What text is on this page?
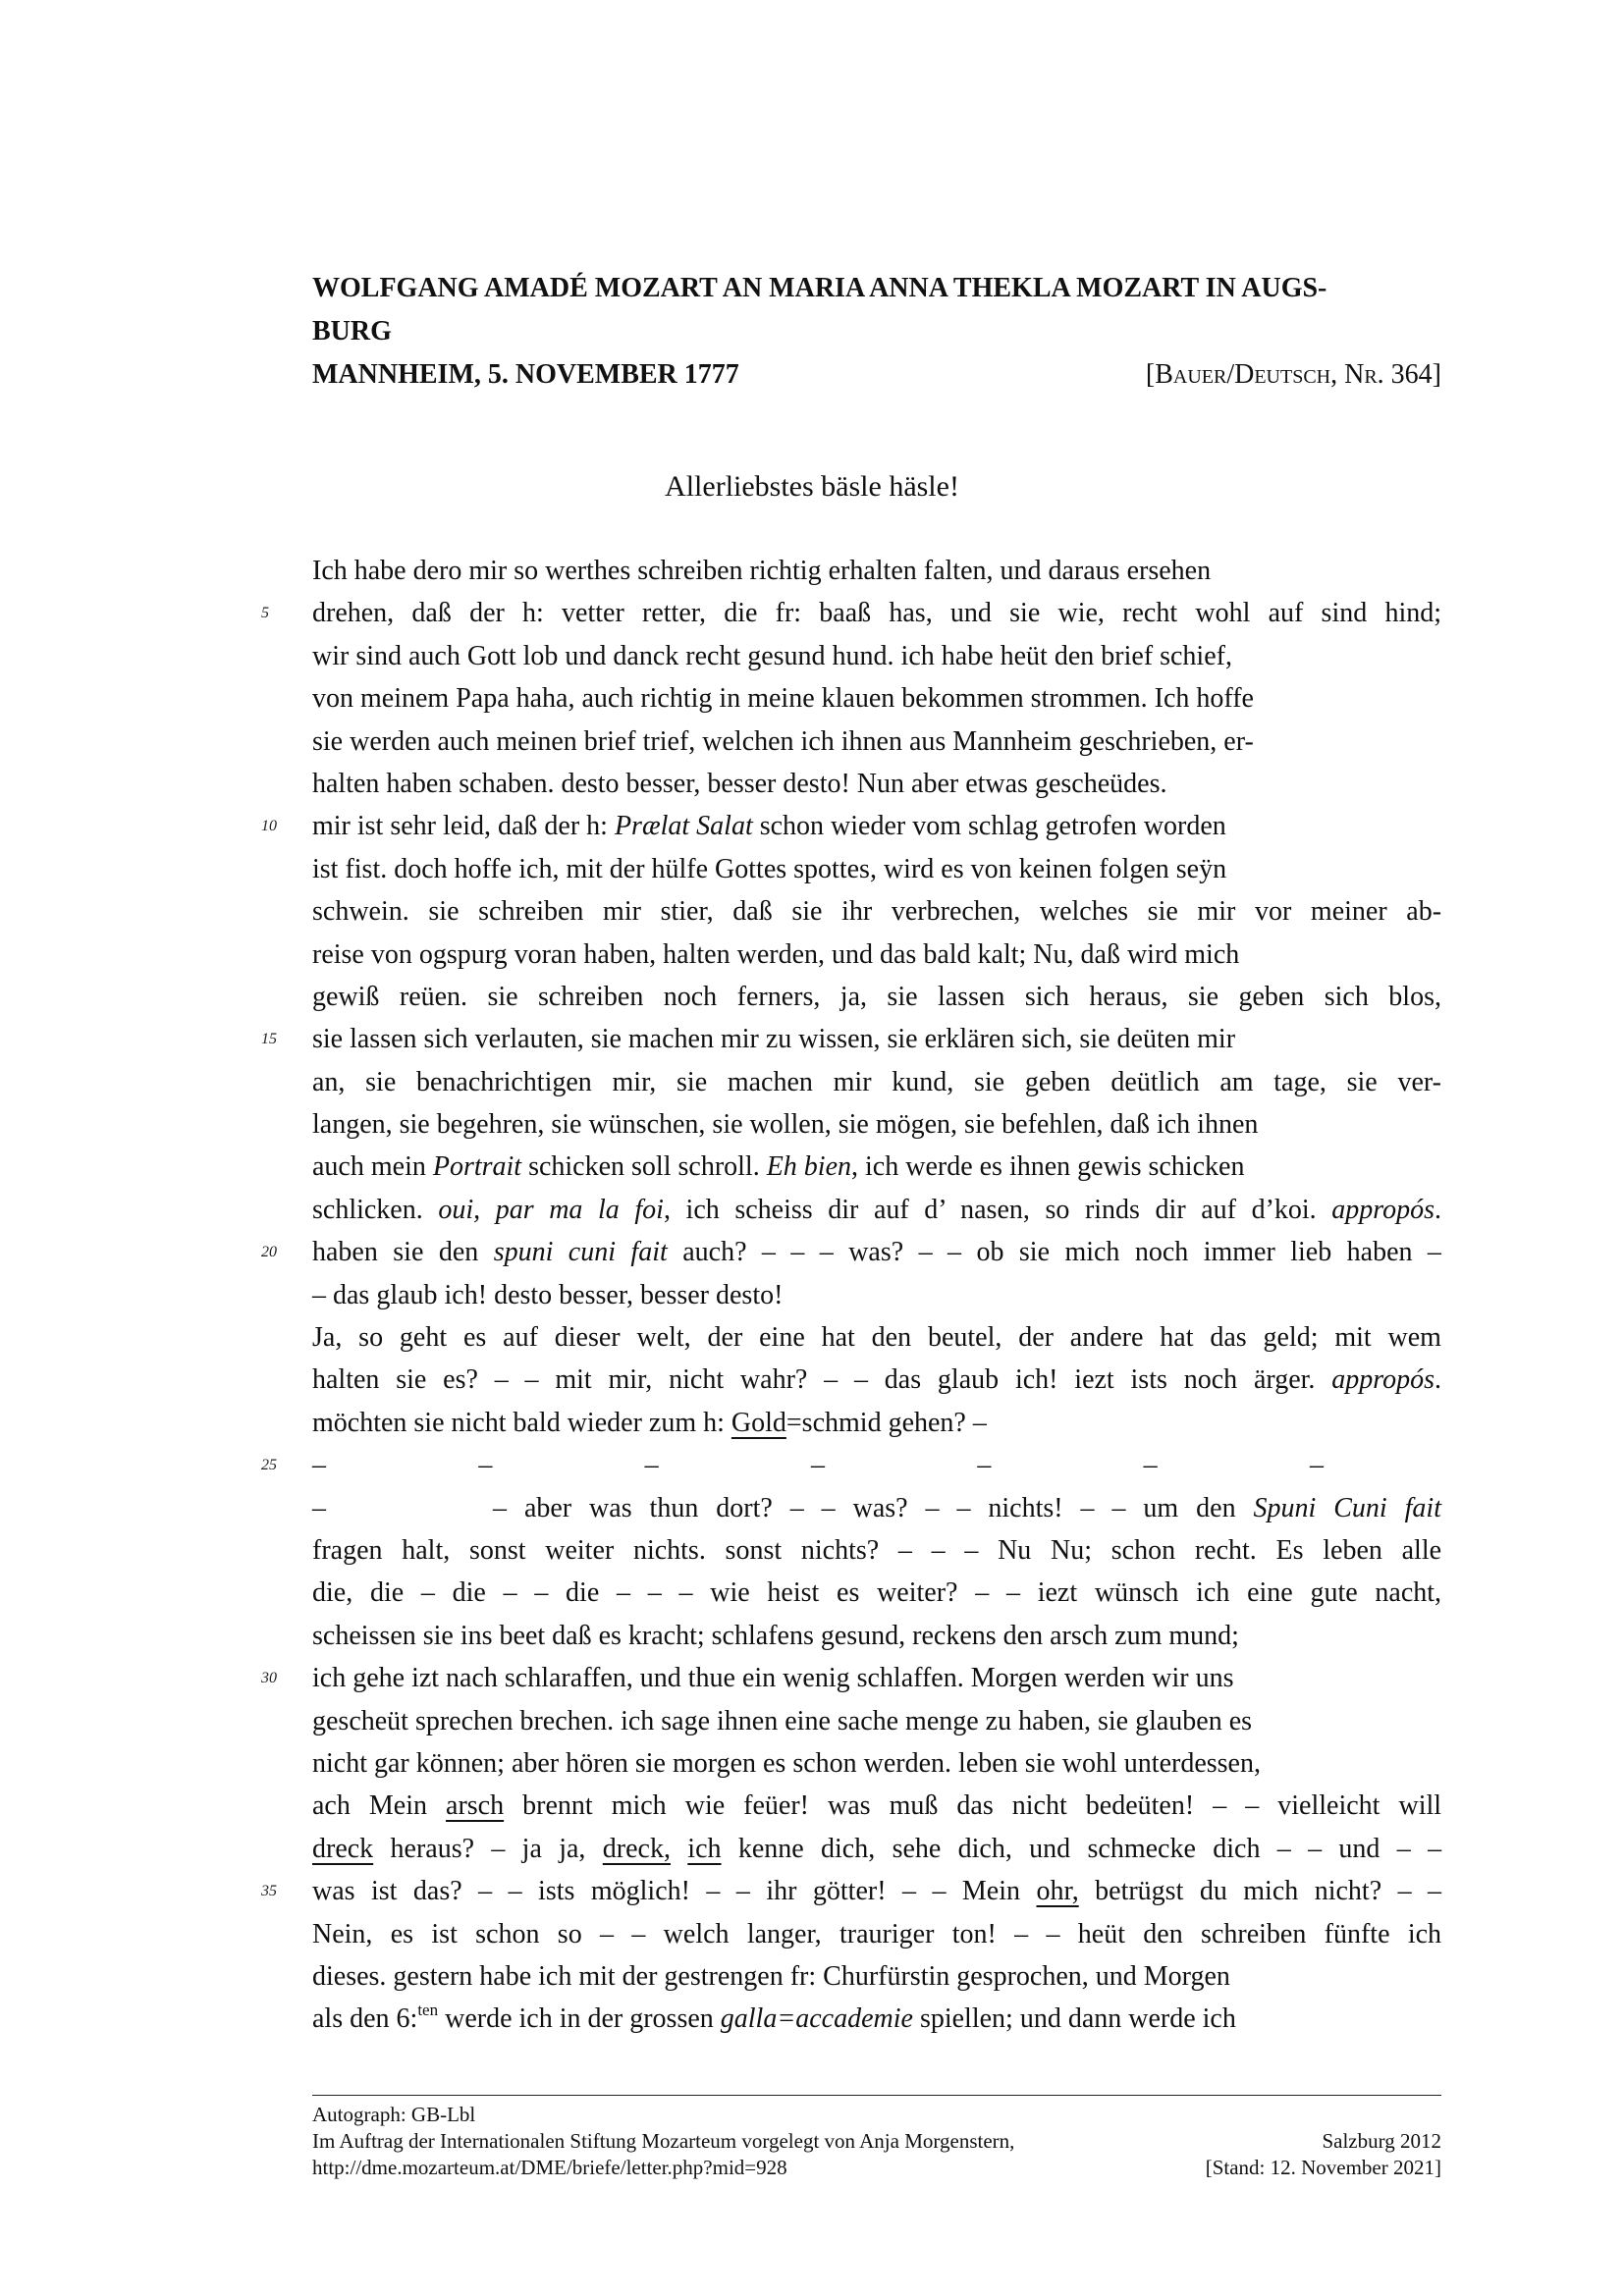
WOLFGANG AMADÉ MOZART AN MARIA ANNA THEKLA MOZART IN AUGS-
BURG
MANNHEIM, 5. NOVEMBER 1777	[Bauer/Deutsch, Nr. 364]
Allerliebstes bäsle häsle!
Ich habe dero mir so werthes schreiben richtig erhalten falten, und daraus ersehen
5	drehen, daß der h: vetter retter, die fr: baaß has, und sie wie, recht wohl auf sind hind;
wir sind auch Gott lob und danck recht gesund hund. ich habe heüt den brief schief,
von meinem Papa haha, auch richtig in meine klauen bekommen strommen. Ich hoffe
sie werden auch meinen brief trief, welchen ich ihnen aus Mannheim geschrieben, er-
halten haben schaben. desto besser, besser desto! Nun aber etwas gescheüdes.
10	mir ist sehr leid, daß der h: Prælat Salat schon wieder vom schlag getrofen worden
ist fist. doch hoffe ich, mit der hülfe Gottes spottes, wird es von keinen folgen seÿn
schwein. sie schreiben mir stier, daß sie ihr verbrechen, welches sie mir vor meiner ab-
reise von ogspurg voran haben, halten werden, und das bald kalt; Nu, daß wird mich
gewiß reüen. sie schreiben noch ferners, ja, sie lassen sich heraus, sie geben sich blos,
15	sie lassen sich verlauten, sie machen mir zu wissen, sie erklären sich, sie deüten mir
an, sie benachrichtigen mir, sie machen mir kund, sie geben deütlich am tage, sie ver-
langen, sie begehren, sie wünschen, sie wollen, sie mögen, sie befehlen, daß ich ihnen
auch mein Portrait schicken soll schroll. Eh bien, ich werde es ihnen gewis schicken
schlicken. oui, par ma la foi, ich scheiss dir auf d’ nasen, so rinds dir auf d’koi. appropós.
20	haben sie den spuni cuni fait auch? – – – was? – – ob sie mich noch immer lieb haben –
– das glaub ich! desto besser, besser desto!
Ja, so geht es auf dieser welt, der eine hat den beutel, der andere hat das geld; mit wem
halten sie es? – – mit mir, nicht wahr? – – das glaub ich! iezt ists noch ärger. appropós.
möchten sie nicht bald wieder zum h: Gold=schmid gehen? –
25	–	–	–	–	–	–	–
–	– aber was thun dort? – – was? – – nichts! – – um den Spuni Cuni fait
fragen halt, sonst weiter nichts. sonst nichts? – – – Nu Nu; schon recht. Es leben alle
die, die – die – – die – – – wie heist es weiter? – – iezt wünsch ich eine gute nacht,
scheissen sie ins beet daß es kracht; schlafens gesund, reckens den arsch zum mund;
30	ich gehe izt nach schlaraffen, und thue ein wenig schlaffen. Morgen werden wir uns
gescheüt sprechen brechen. ich sage ihnen eine sache menge zu haben, sie glauben es
nicht gar können; aber hören sie morgen es schon werden. leben sie wohl unterdessen,
ach Mein arsch brennt mich wie feüer! was muß das nicht bedeüten! – – vielleicht will
dreck heraus? – ja ja, dreck, ich kenne dich, sehe dich, und schmecke dich – – und – –
35	was ist das? – – ists möglich! – – ihr götter! – – Mein ohr, betrügst du mich nicht? – –
Nein, es ist schon so – – welch langer, trauriger ton! – – heüt den schreiben fünfte ich
dieses. gestern habe ich mit der gestrengen fr: Churfürstin gesprochen, und Morgen
als den 6:$^{ten}$ werde ich in der grossen galla=accademie spiellen; und dann werde ich
Autograph: GB-Lbl
Im Auftrag der Internationalen Stiftung Mozarteum vorgelegt von Anja Morgenstern,	Salzburg 2012
http://dme.mozarteum.at/DME/briefe/letter.php?mid=928	[Stand: 12. November 2021]
